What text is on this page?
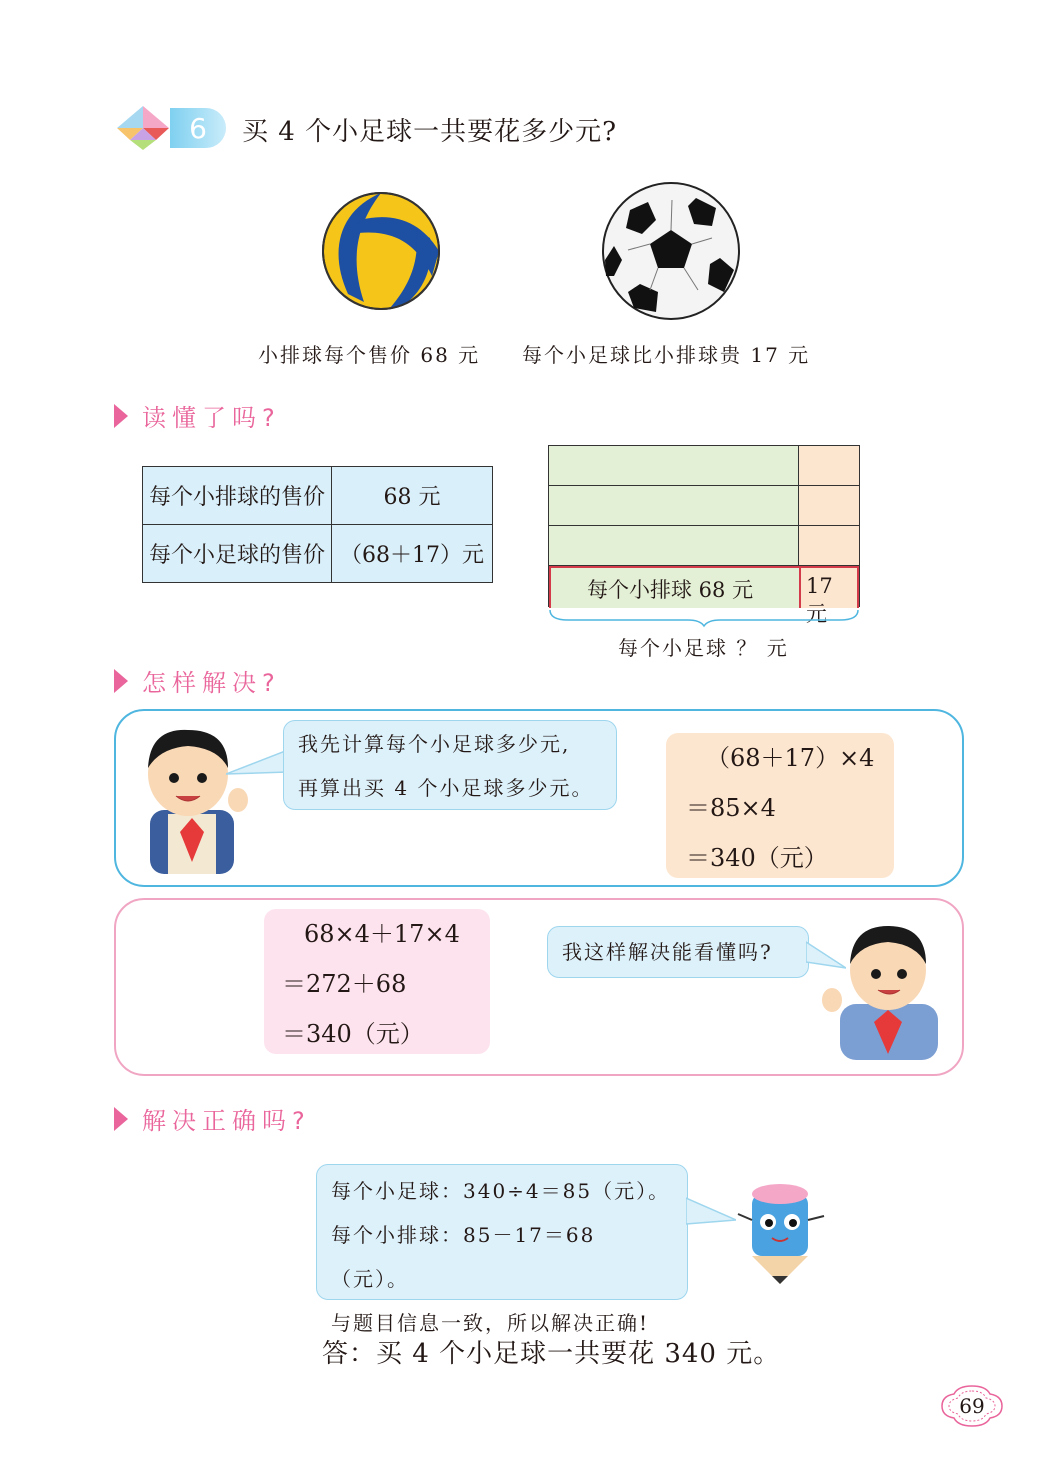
6	买 4 个小足球一共要花多少元?
小排球每个售价 68 元 每个小足球比小排球贵 17 元
读懂了吗?
每个小排球的售价	68 元
每个小足球的售价	（68＋17）元
每个小排球 68 元	17 元
每个小足球 ？ 元
怎样解决?
我先计算每个小足球多少元,
再算出买 4 个小足球多少元。
（68＋17）×4
＝85×4
＝340（元）
68×4＋17×4
＝272＋68
＝340（元）
我这样解决能看懂吗?
解决正确吗?
每个小足球：340÷4＝85（元）。
每个小排球：85－17＝68（元）。
与题目信息一致，所以解决正确!
答：买 4 个小足球一共要花 340 元。
69
